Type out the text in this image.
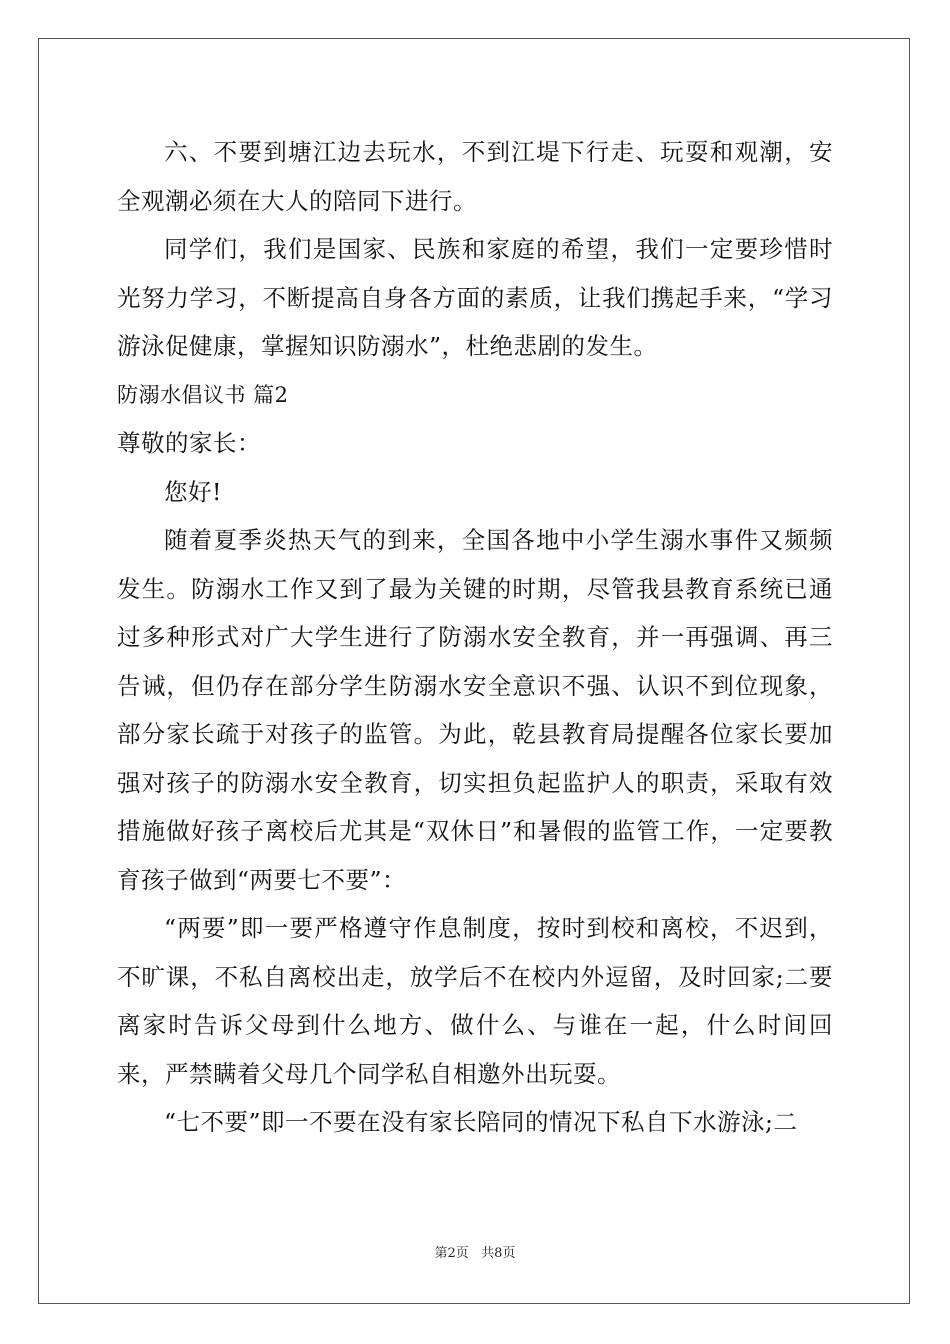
六、不要到塘江边去玩水，不到江堤下行走、玩耍和观潮，安全观潮必须在大人的陪同下进行。

同学们，我们是国家、民族和家庭的希望，我们一定要珍惜时光努力学习，不断提高自身各方面的素质，让我们携起手来，“学习游泳促健康，掌握知识防溺水”，杜绝悲剧的发生。

防溺水倡议书 篇2

尊敬的家长：

您好!

随着夏季炎热天气的到来，全国各地中小学生溺水事件又频频发生。防溺水工作又到了最为关键的时期，尽管我县教育系统已通过多种形式对广大学生进行了防溺水安全教育，并一再强调、再三告诫，但仍存在部分学生防溺水安全意识不强、认识不到位现象，部分家长疏于对孩子的监管。为此，乾县教育局提醒各位家长要加强对孩子的防溺水安全教育，切实担负起监护人的职责，采取有效措施做好孩子离校后尤其是“双休日”和暑假的监管工作，一定要教育孩子做到“两要七不要”：

“两要”即一要严格遵守作息制度，按时到校和离校，不迟到，不旷课，不私自离校出走，放学后不在校内外逗留，及时回家;二要离家时告诉父母到什么地方、做什么、与谁在一起，什么时间回来，严禁瞒着父母几个同学私自相邀外出玩耍。

“七不要”即一不要在没有家长陪同的情况下私自下水游泳;二

第2页   共8页
